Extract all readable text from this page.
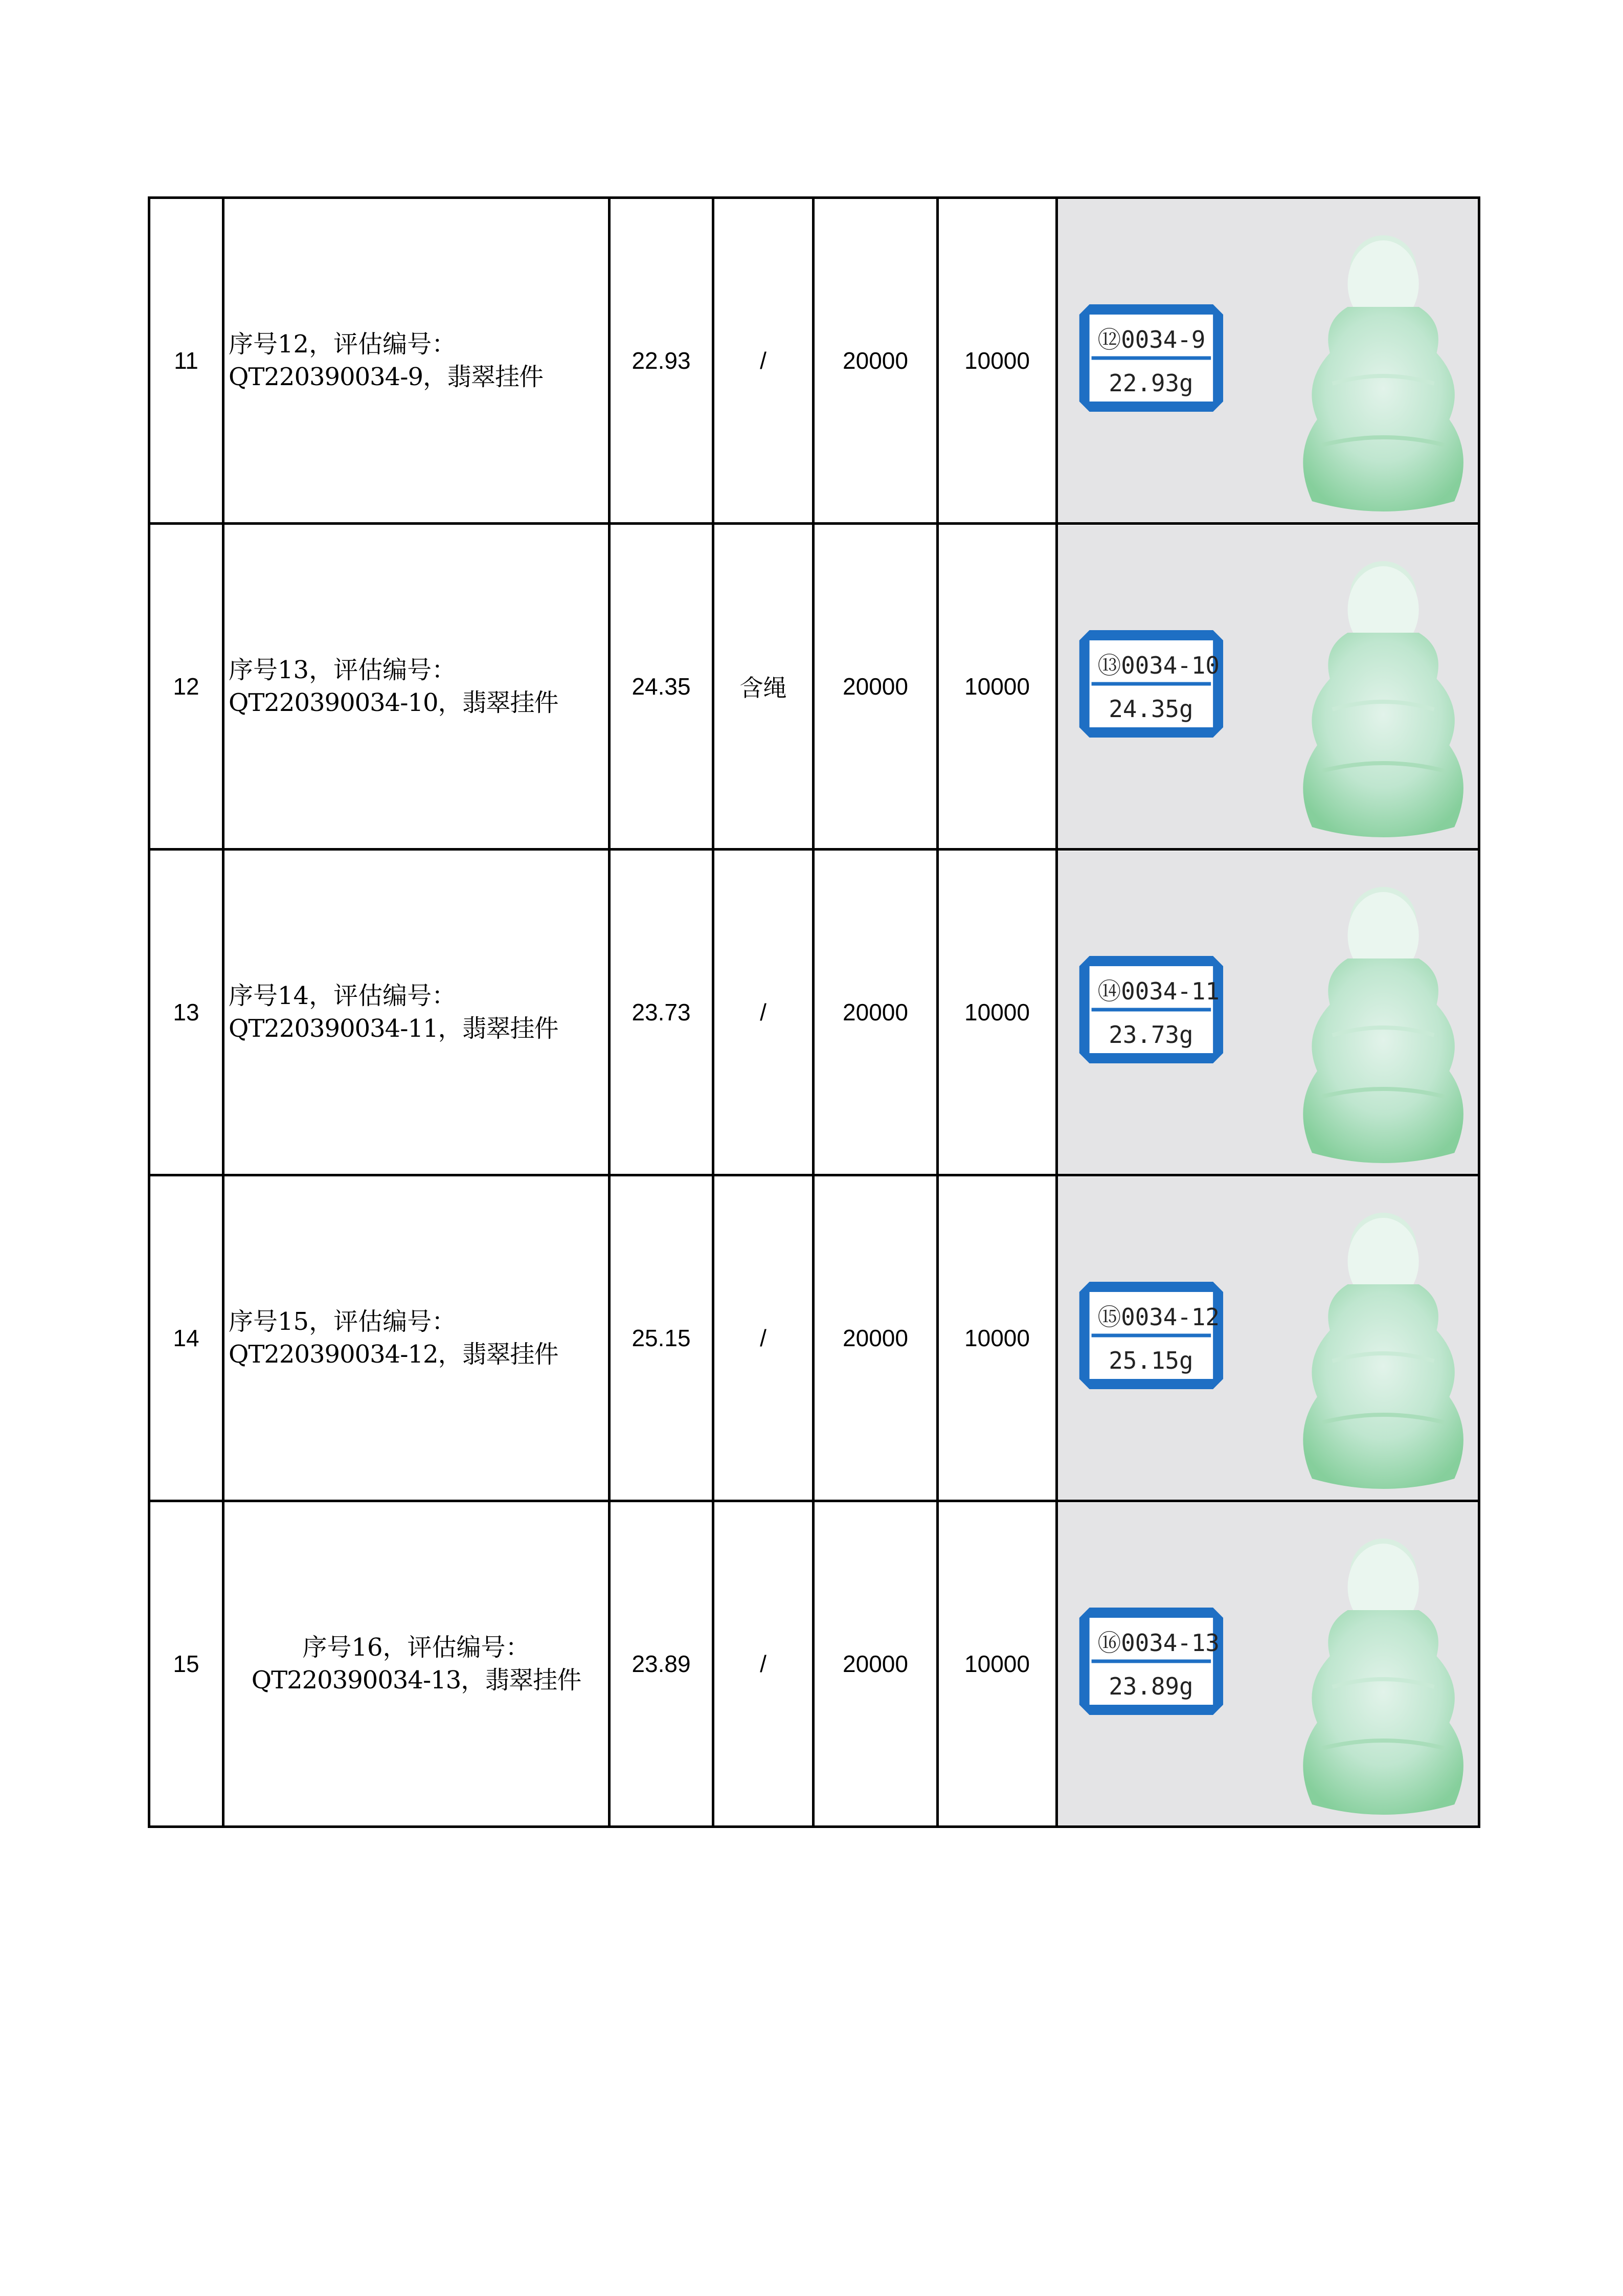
11	序号12，评估编号：
QT220390034-9，翡翠挂件	22.93	/	20000	10000	⑫0034-9
22.93g

12	序号13，评估编号：
QT220390034-10，翡翠挂件	24.35	含绳	20000	10000	⑬0034-10
24.35g

13	序号14，评估编号：
QT220390034-11，翡翠挂件	23.73	/	20000	10000	⑭0034-11
23.73g

14	序号15，评估编号：
QT220390034-12，翡翠挂件	25.15	/	20000	10000	⑮0034-12
25.15g

15	序号16，评估编号：
QT220390034-13，翡翠挂件	23.89	/	20000	10000	⑯0034-13
23.89g
